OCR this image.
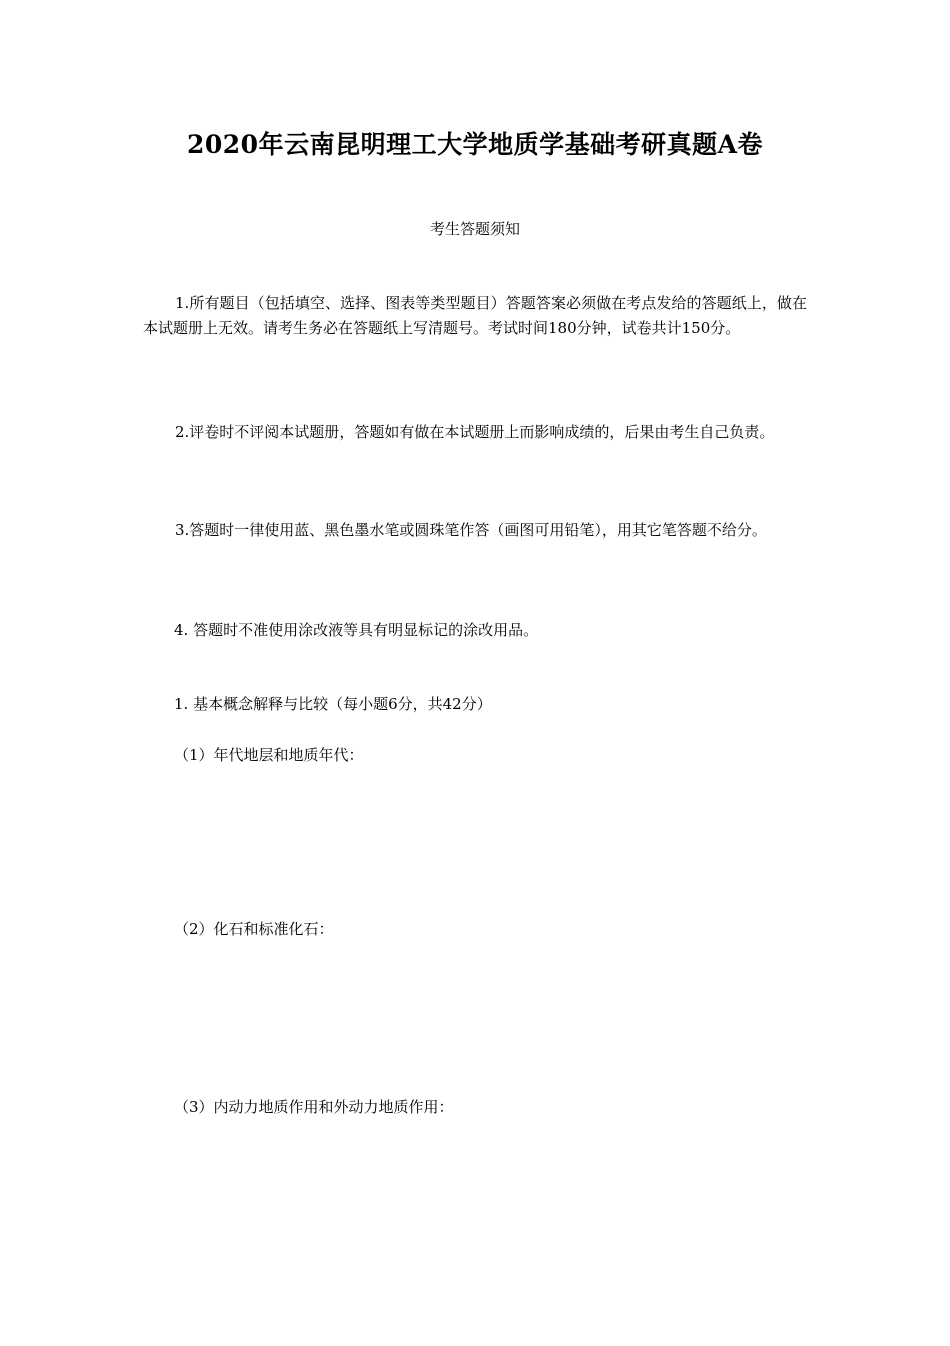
2020年云南昆明理工大学地质学基础考研真题A卷
考生答题须知

1.所有题目（包括填空、选择、图表等类型题目）答题答案必须做在考点发给的答题纸上，做在本试题册上无效。请考生务必在答题纸上写清题号。考试时间180分钟，试卷共计150分。

2.评卷时不评阅本试题册，答题如有做在本试题册上而影响成绩的，后果由考生自己负责。

3.答题时一律使用蓝、黑色墨水笔或圆珠笔作答（画图可用铅笔），用其它笔答题不给分。

4. 答题时不准使用涂改液等具有明显标记的涂改用品。

1. 基本概念解释与比较（每小题6分，共42分）

（1）年代地层和地质年代：

（2）化石和标准化石：

（3）内动力地质作用和外动力地质作用：
